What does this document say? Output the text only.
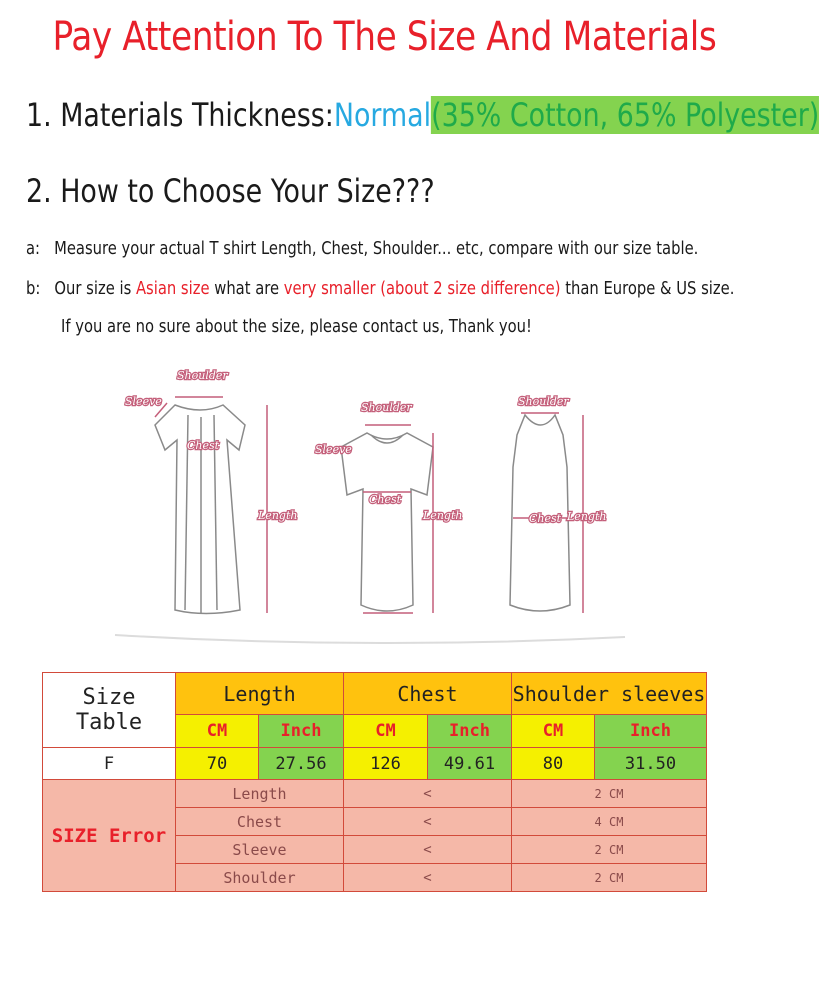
Pay Attention To The Size And Materials
1. Materials Thickness:Normal(35% Cotton, 65% Polyester)
2. How to Choose Your Size???
a: Measure your actual T shirt Length, Chest, Shoulder... etc, compare with our size table.
b: Our size is Asian size what are very smaller (about 2 size difference) than Europe & US size.
If you are no sure about the size, please contact us, Thank you!
Shoulder
Sleeve
Chest
Length
Shoulder
Sleeve
Chest
Length
Shoulder
Chest Length
Size Table	Length		Chest		Shoulder sleeves	
	CM	Inch	CM	Inch	CM	Inch
F	70	27.56	126	49.61	80	31.50
SIZE Error	Length		<		2 CM	
	Chest		<		4 CM	
	Sleeve		<		2 CM	
	Shoulder		<		2 CM	
